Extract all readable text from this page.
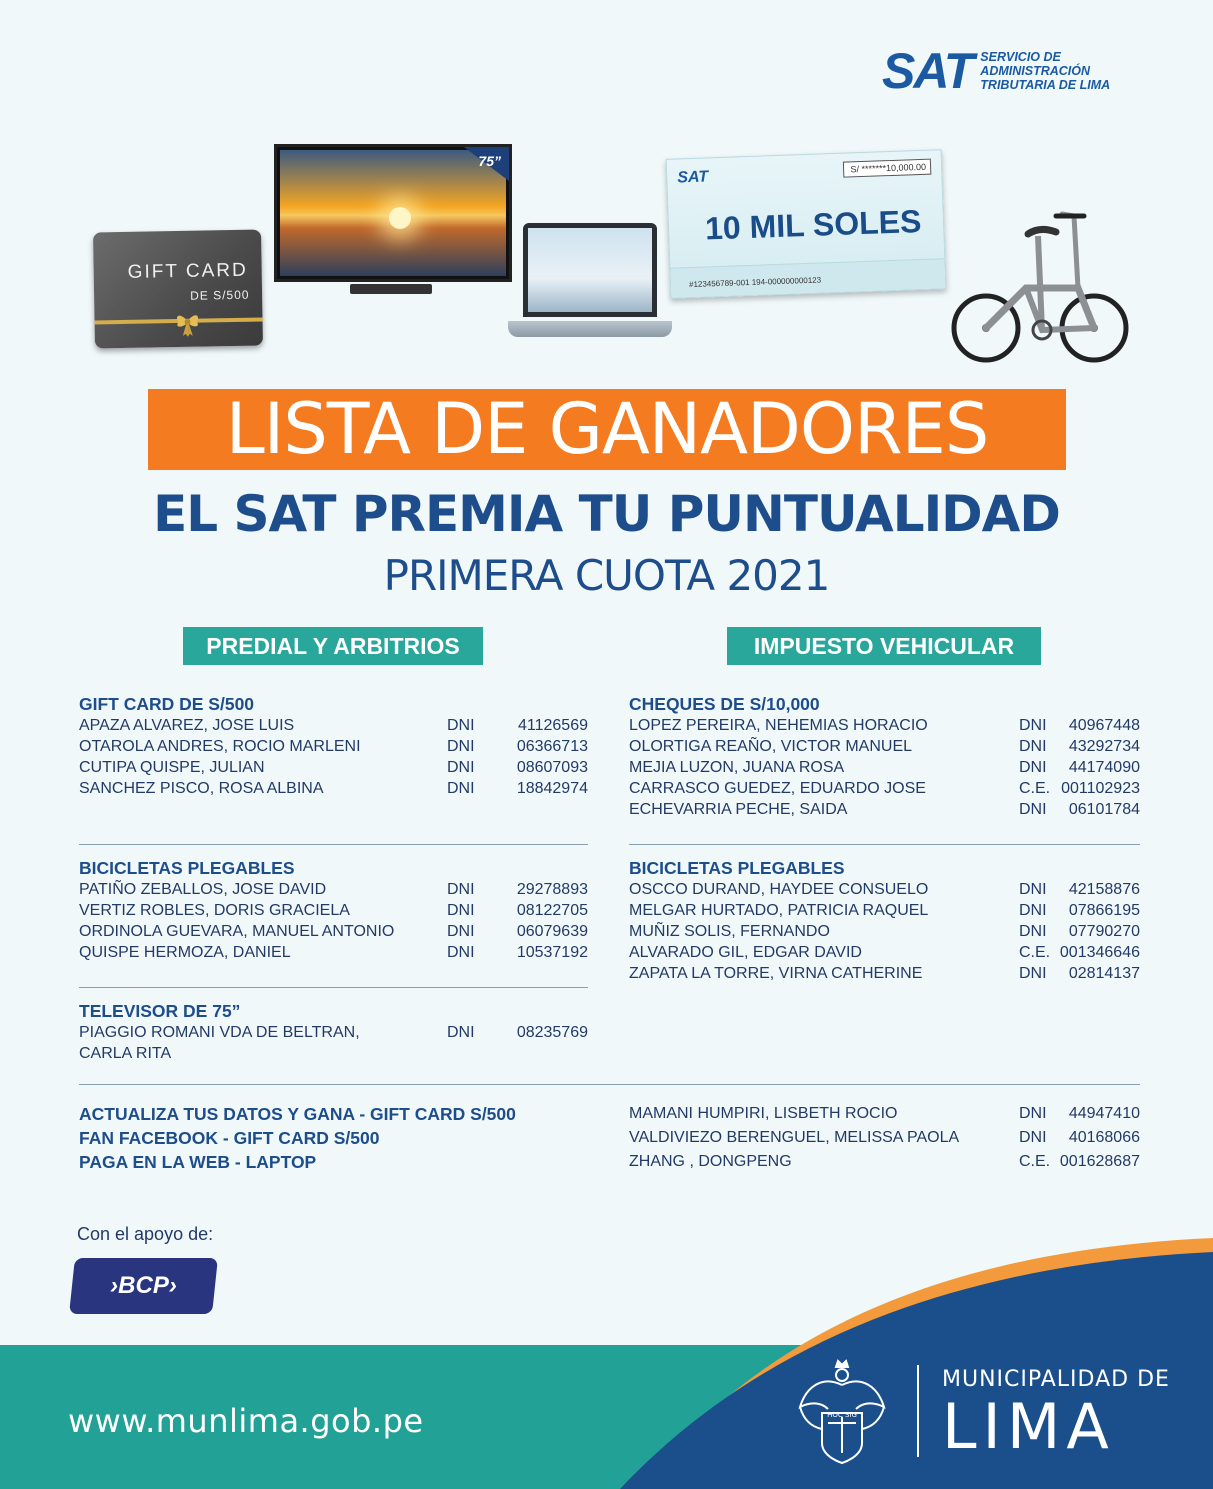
SAT SERVICIO DE
ADMINISTRACIÓN
TRIBUTARIA DE LIMA
GIFT CARD
DE S/500
75”
SAT
S/ *******10,000.00
10 MIL SOLES
#123456789-001 194-000000000123
LISTA DE GANADORES
EL SAT PREMIA TU PUNTUALIDAD
PRIMERA CUOTA 2021
PREDIAL Y ARBITRIOS	IMPUESTO VEHICULAR
GIFT CARD DE S/500
APAZA ALVAREZ, JOSE LUIS	DNI	41126569
OTAROLA ANDRES, ROCIO MARLENI	DNI	06366713
CUTIPA QUISPE, JULIAN	DNI	08607093
SANCHEZ PISCO, ROSA ALBINA	DNI	18842974
BICICLETAS PLEGABLES
PATIÑO ZEBALLOS, JOSE DAVID	DNI	29278893
VERTIZ ROBLES, DORIS GRACIELA	DNI	08122705
ORDINOLA GUEVARA, MANUEL ANTONIO	DNI	06079639
QUISPE HERMOZA, DANIEL	DNI	10537192
TELEVISOR DE 75”
PIAGGIO ROMANI VDA DE BELTRAN,	DNI	08235769
CARLA RITA
CHEQUES DE S/10,000
LOPEZ PEREIRA, NEHEMIAS HORACIO	DNI	40967448
OLORTIGA REAÑO, VICTOR MANUEL	DNI	43292734
MEJIA LUZON, JUANA ROSA	DNI	44174090
CARRASCO GUEDEZ, EDUARDO JOSE	C.E. 001102923
ECHEVARRIA PECHE, SAIDA	DNI	06101784
BICICLETAS PLEGABLES
OSCCO DURAND, HAYDEE CONSUELO	DNI	42158876
MELGAR HURTADO, PATRICIA RAQUEL	DNI	07866195
MUÑIZ SOLIS, FERNANDO	DNI	07790270
ALVARADO GIL, EDGAR DAVID	C.E. 001346646
ZAPATA LA TORRE, VIRNA CATHERINE	DNI	02814137
ACTUALIZA TUS DATOS Y GANA - GIFT CARD S/500
FAN FACEBOOK - GIFT CARD S/500
PAGA EN LA WEB - LAPTOP
MAMANI HUMPIRI, LISBETH ROCIO	DNI	44947410
VALDIVIEZO BERENGUEL, MELISSA PAOLA	DNI	40168066
ZHANG , DONGPENG	C.E. 001628687
Con el apoyo de:
›BCP›
www.munlima.gob.pe	HOC SIG
MUNICIPALIDAD DE
LIMA
